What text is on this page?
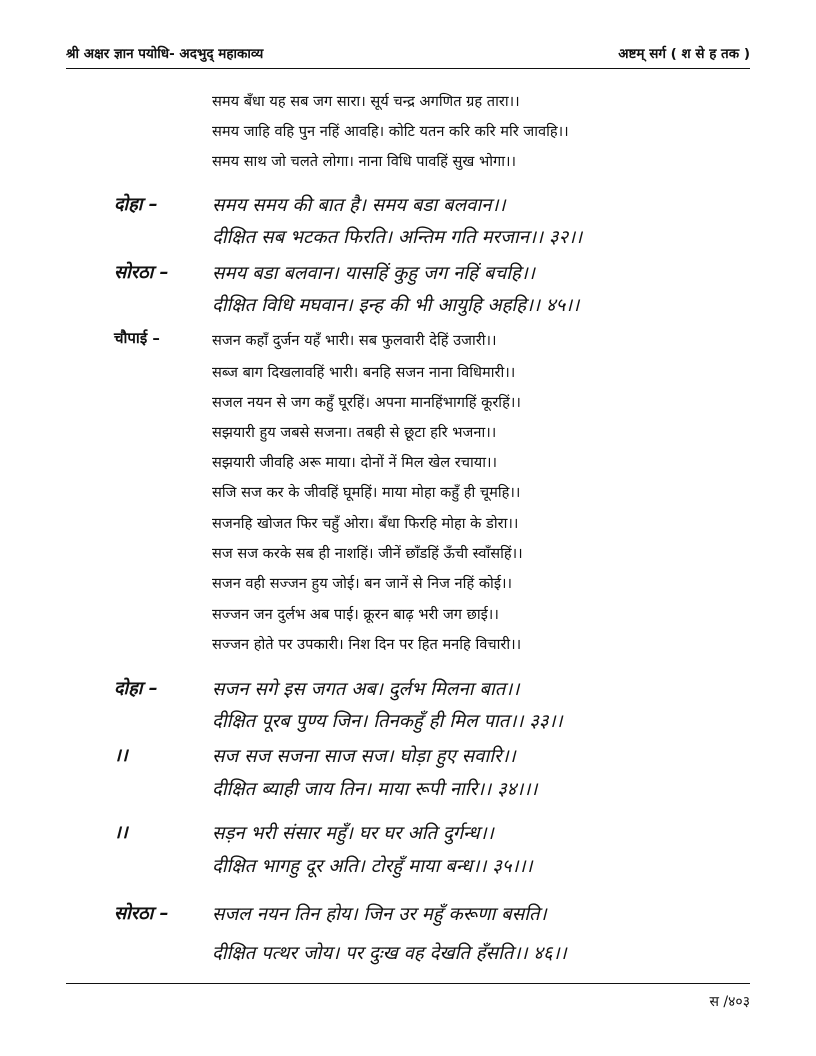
श्री अक्षर ज्ञान पयोधि- अदभुद् महाकाव्य	अष्टम् सर्ग ( श से ह तक )
समय बँधा यह सब जग सारा। सूर्य चन्द्र अगणित ग्रह तारा।।
समय जाहि वहि पुन नहिं आवहि। कोटि यतन करि करि मरि जावहि।।
समय साथ जो चलते लोगा। नाना विधि पावहिं सुख भोगा।।
दोहा –	समय समय की बात है। समय बडा बलवान।।
दीक्षित सब भटकत फिरति। अन्तिम गति मरजान।। ३२।।
सोरठा – समय बडा बलवान। यासहिं कुहु जग नहिं बचहि।।
दीक्षित विधि मघवान। इन्ह की भी आयुहि अहहि।। ४५।।
चौपाई –	सजन कहाँ दुर्जन यहँ भारी। सब फुलवारी देहिं उजारी।।
सब्ज बाग दिखलावहिं भारी। बनहि सजन नाना विधिमारी।।
सजल नयन से जग कहुँ घूरहिं। अपना मानहिंभागहिं कूरहिं।।
सझयारी हुय जबसे सजना। तबही से छूटा हरि भजना।।
सझयारी जीवहि अरू माया। दोनों नें मिल खेल रचाया।।
सजि सज कर के जीवहिं घूमहिं। माया मोहा कहुँ ही चूमहि।।
सजनहि खोजत फिर चहुँ ओरा। बँधा फिरहि मोहा के डोरा।।
सज सज करके सब ही नाशहिं। जीनें छाँडहिं ऊँची स्वाँसहिं।।
सजन वही सज्जन हुय जोई। बन जानें से निज नहिं कोई।।
सज्जन जन दुर्लभ अब पाई। क्रूरन बाढ़ भरी जग छाई।।
सज्जन होते पर उपकारी। निश दिन पर हित मनहि विचारी।।
दोहा –	सजन सगे इस जगत अब। दुर्लभ मिलना बात।।
दीक्षित पूरब पुण्य जिन। तिनकहुँ ही मिल पात।। ३३।।
।।	सज सज सजना साज सज। घोड़ा हुए सवारि।।
दीक्षित ब्याही जाय तिन। माया रूपी नारि।। ३४।।।
।।	सड़न भरी संसार महुँ। घर घर अति दुर्गन्ध।।
दीक्षित भागहु दूर अति। टोरहुँ माया बन्ध।। ३५।।।
सोरठा – सजल नयन तिन होय। जिन उर महुँ करूणा बसति।
दीक्षित पत्थर जोय। पर दुःख वह देखति हँसति।। ४६।।
स /४०३
